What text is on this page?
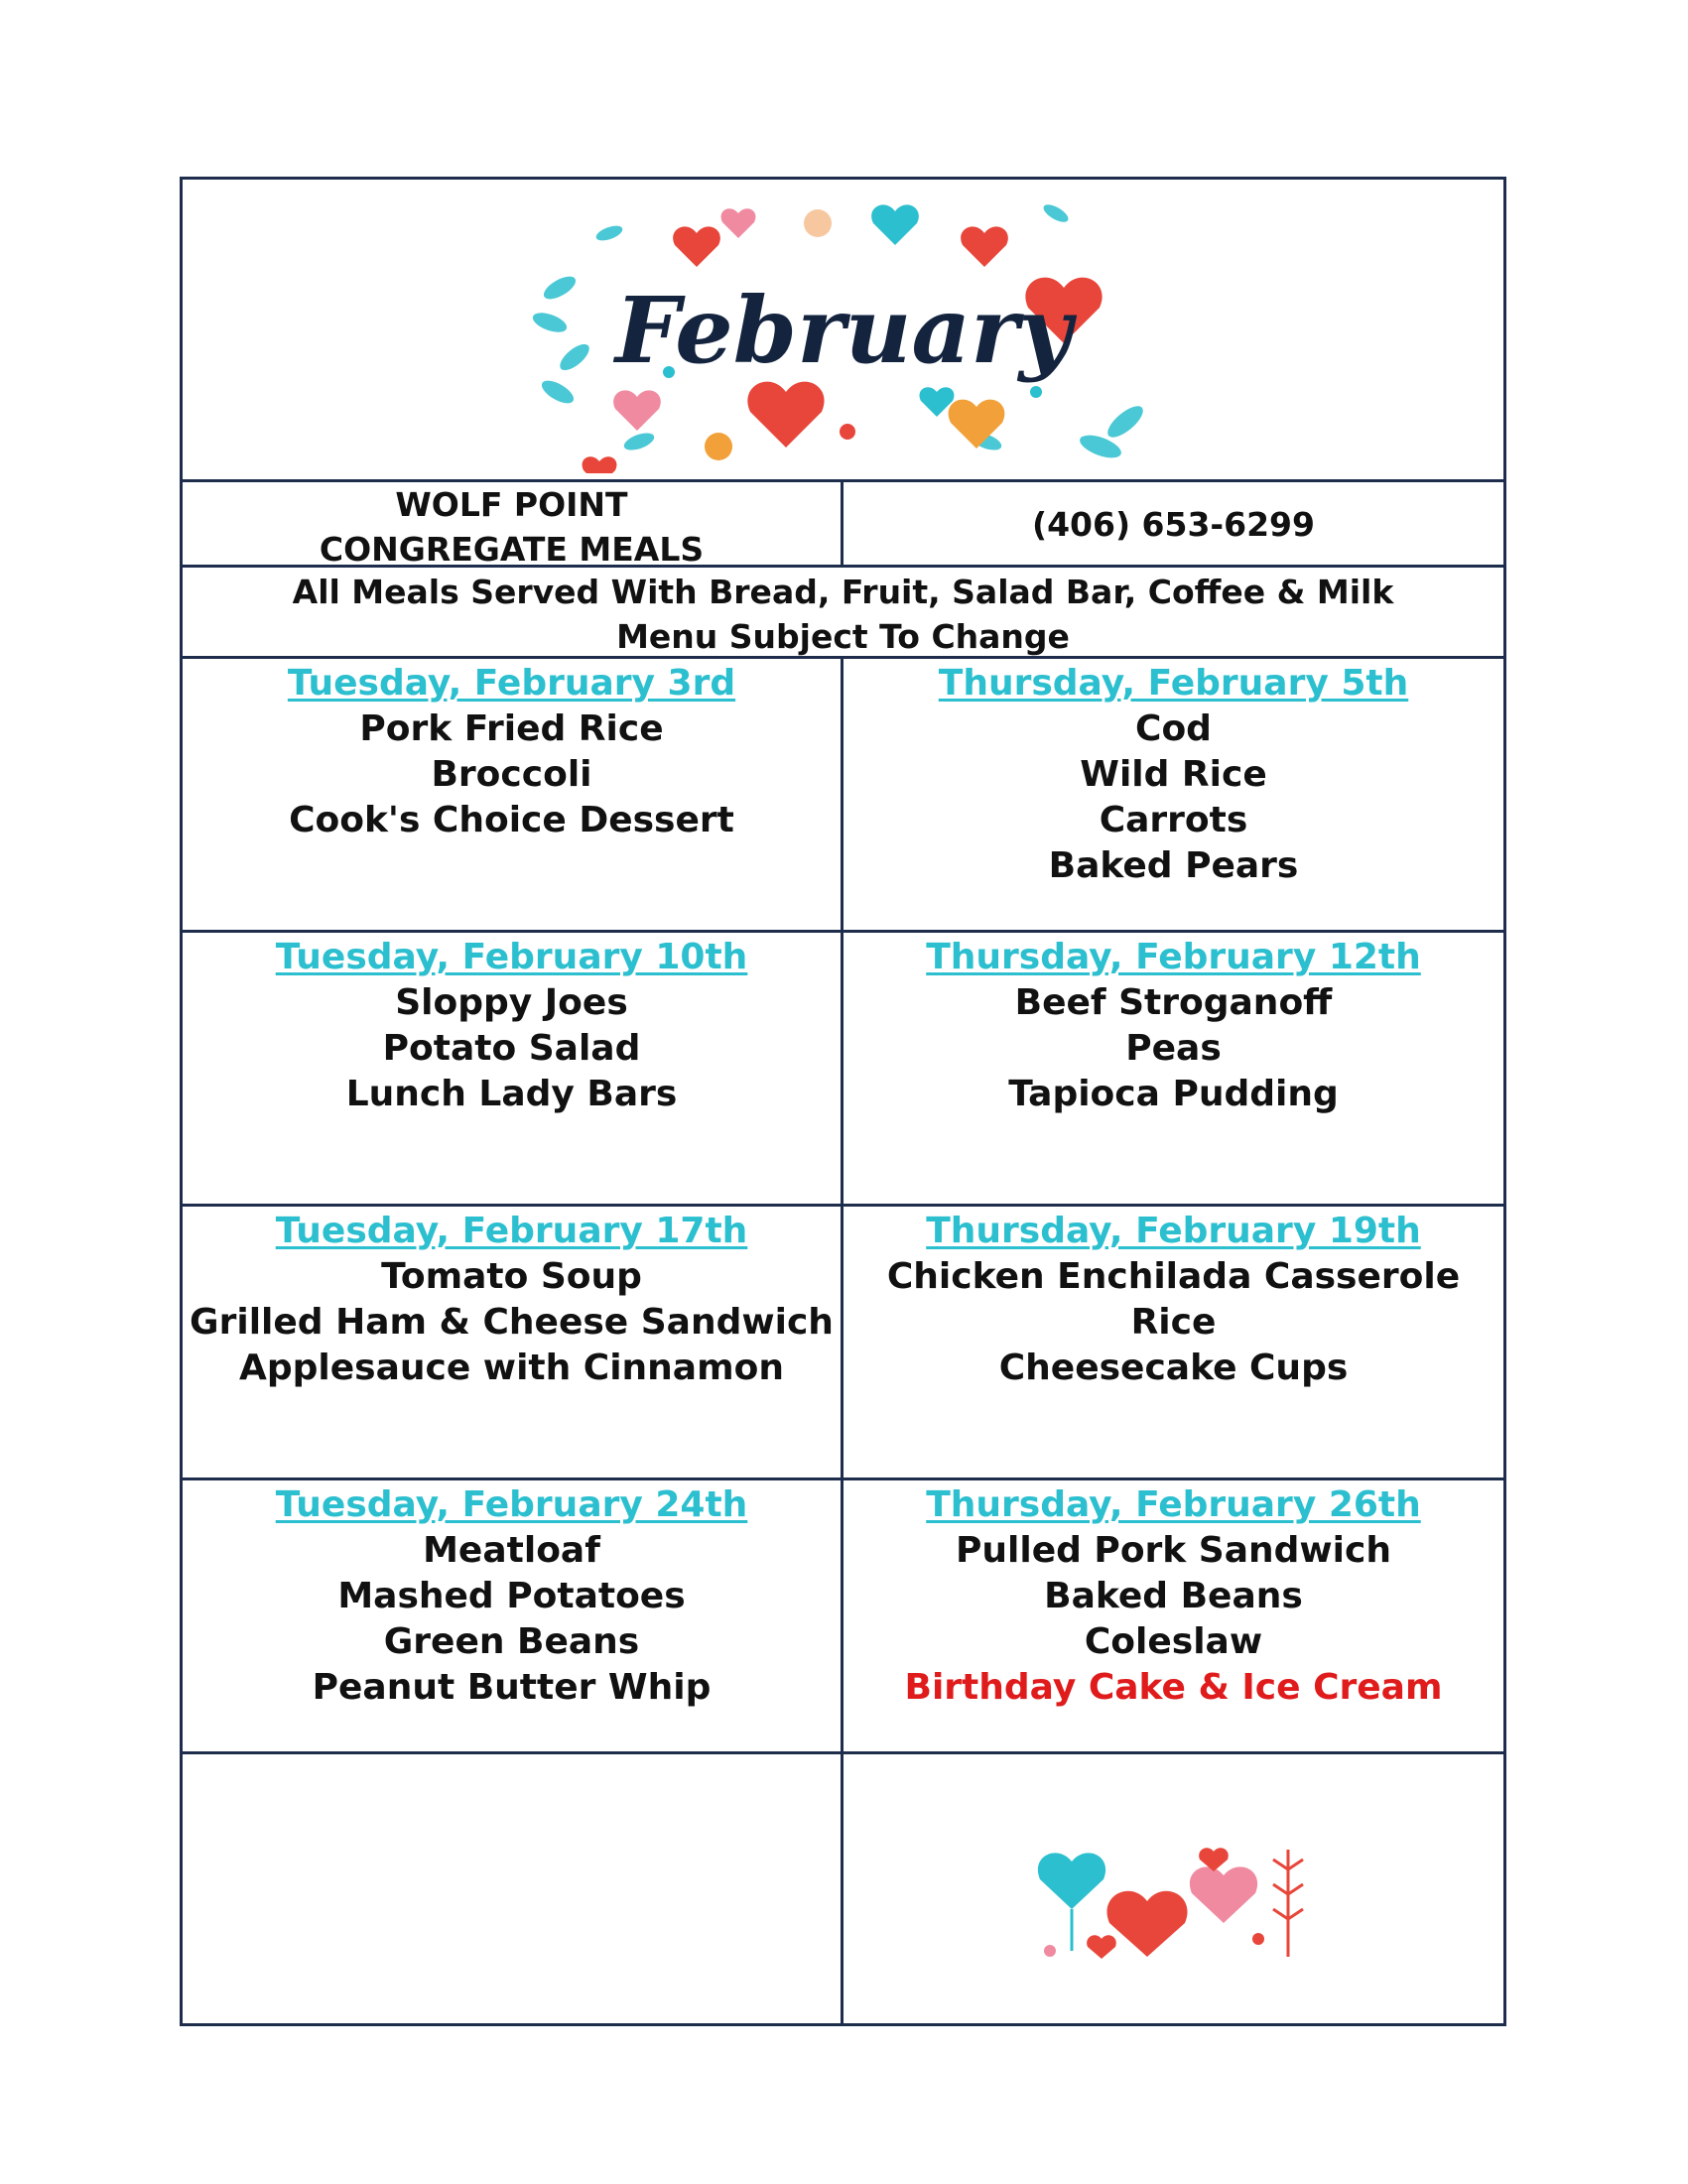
February
WOLF POINT
CONGREGATE MEALS
(406) 653-6299
All Meals Served With Bread, Fruit, Salad Bar, Coffee & Milk
Menu Subject To Change
Tuesday, February 3rd
Pork Fried Rice
Broccoli
Cook's Choice Dessert
Thursday, February 5th
Cod
Wild Rice
Carrots
Baked Pears
Tuesday, February 10th
Sloppy Joes
Potato Salad
Lunch Lady Bars
Thursday, February 12th
Beef Stroganoff
Peas
Tapioca Pudding
Tuesday, February 17th
Tomato Soup
Grilled Ham & Cheese Sandwich
Applesauce with Cinnamon
Thursday, February 19th
Chicken Enchilada Casserole
Rice
Cheesecake Cups
Tuesday, February 24th
Meatloaf
Mashed Potatoes
Green Beans
Peanut Butter Whip
Thursday, February 26th
Pulled Pork Sandwich
Baked Beans
Coleslaw
Birthday Cake & Ice Cream
